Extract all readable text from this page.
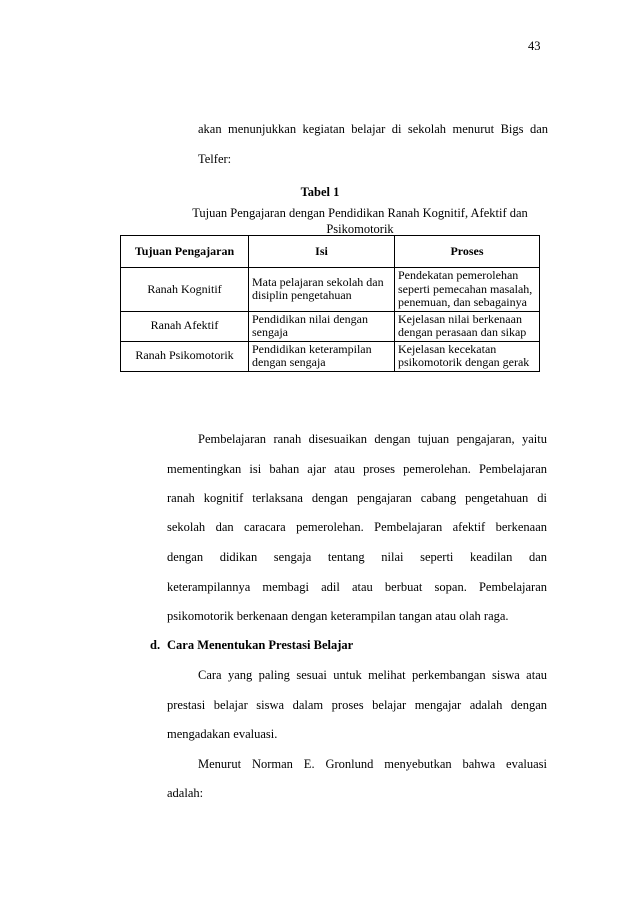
43
akan menunjukkan kegiatan belajar di sekolah menurut Bigs dan
Telfer:
Tabel 1
Tujuan Pengajaran dengan Pendidikan Ranah Kognitif, Afektif dan
Psikomotorik
Tujuan Pengajaran	Isi	Proses
Ranah Kognitif	Mata pelajaran sekolah dan disiplin pengetahuan	Pendekatan pemerolehan seperti pemecahan masalah, penemuan, dan sebagainya
Ranah Afektif	Pendidikan nilai dengan sengaja	Kejelasan nilai berkenaan dengan perasaan dan sikap
Ranah Psikomotorik	Pendidikan keterampilan dengan sengaja	Kejelasan kecekatan psikomotorik dengan gerak
Pembelajaran ranah disesuaikan dengan tujuan pengajaran, yaitu
mementingkan isi bahan ajar atau proses pemerolehan. Pembelajaran
ranah kognitif terlaksana dengan pengajaran cabang pengetahuan di
sekolah dan caracara pemerolehan. Pembelajaran afektif berkenaan
dengan didikan sengaja tentang nilai seperti keadilan dan
keterampilannya membagi adil atau berbuat sopan. Pembelajaran
psikomotorik berkenaan dengan keterampilan tangan atau olah raga.
d. Cara Menentukan Prestasi Belajar
Cara yang paling sesuai untuk melihat perkembangan siswa atau
prestasi belajar siswa dalam proses belajar mengajar adalah dengan
mengadakan evaluasi.
Menurut Norman E. Gronlund menyebutkan bahwa evaluasi
adalah:
